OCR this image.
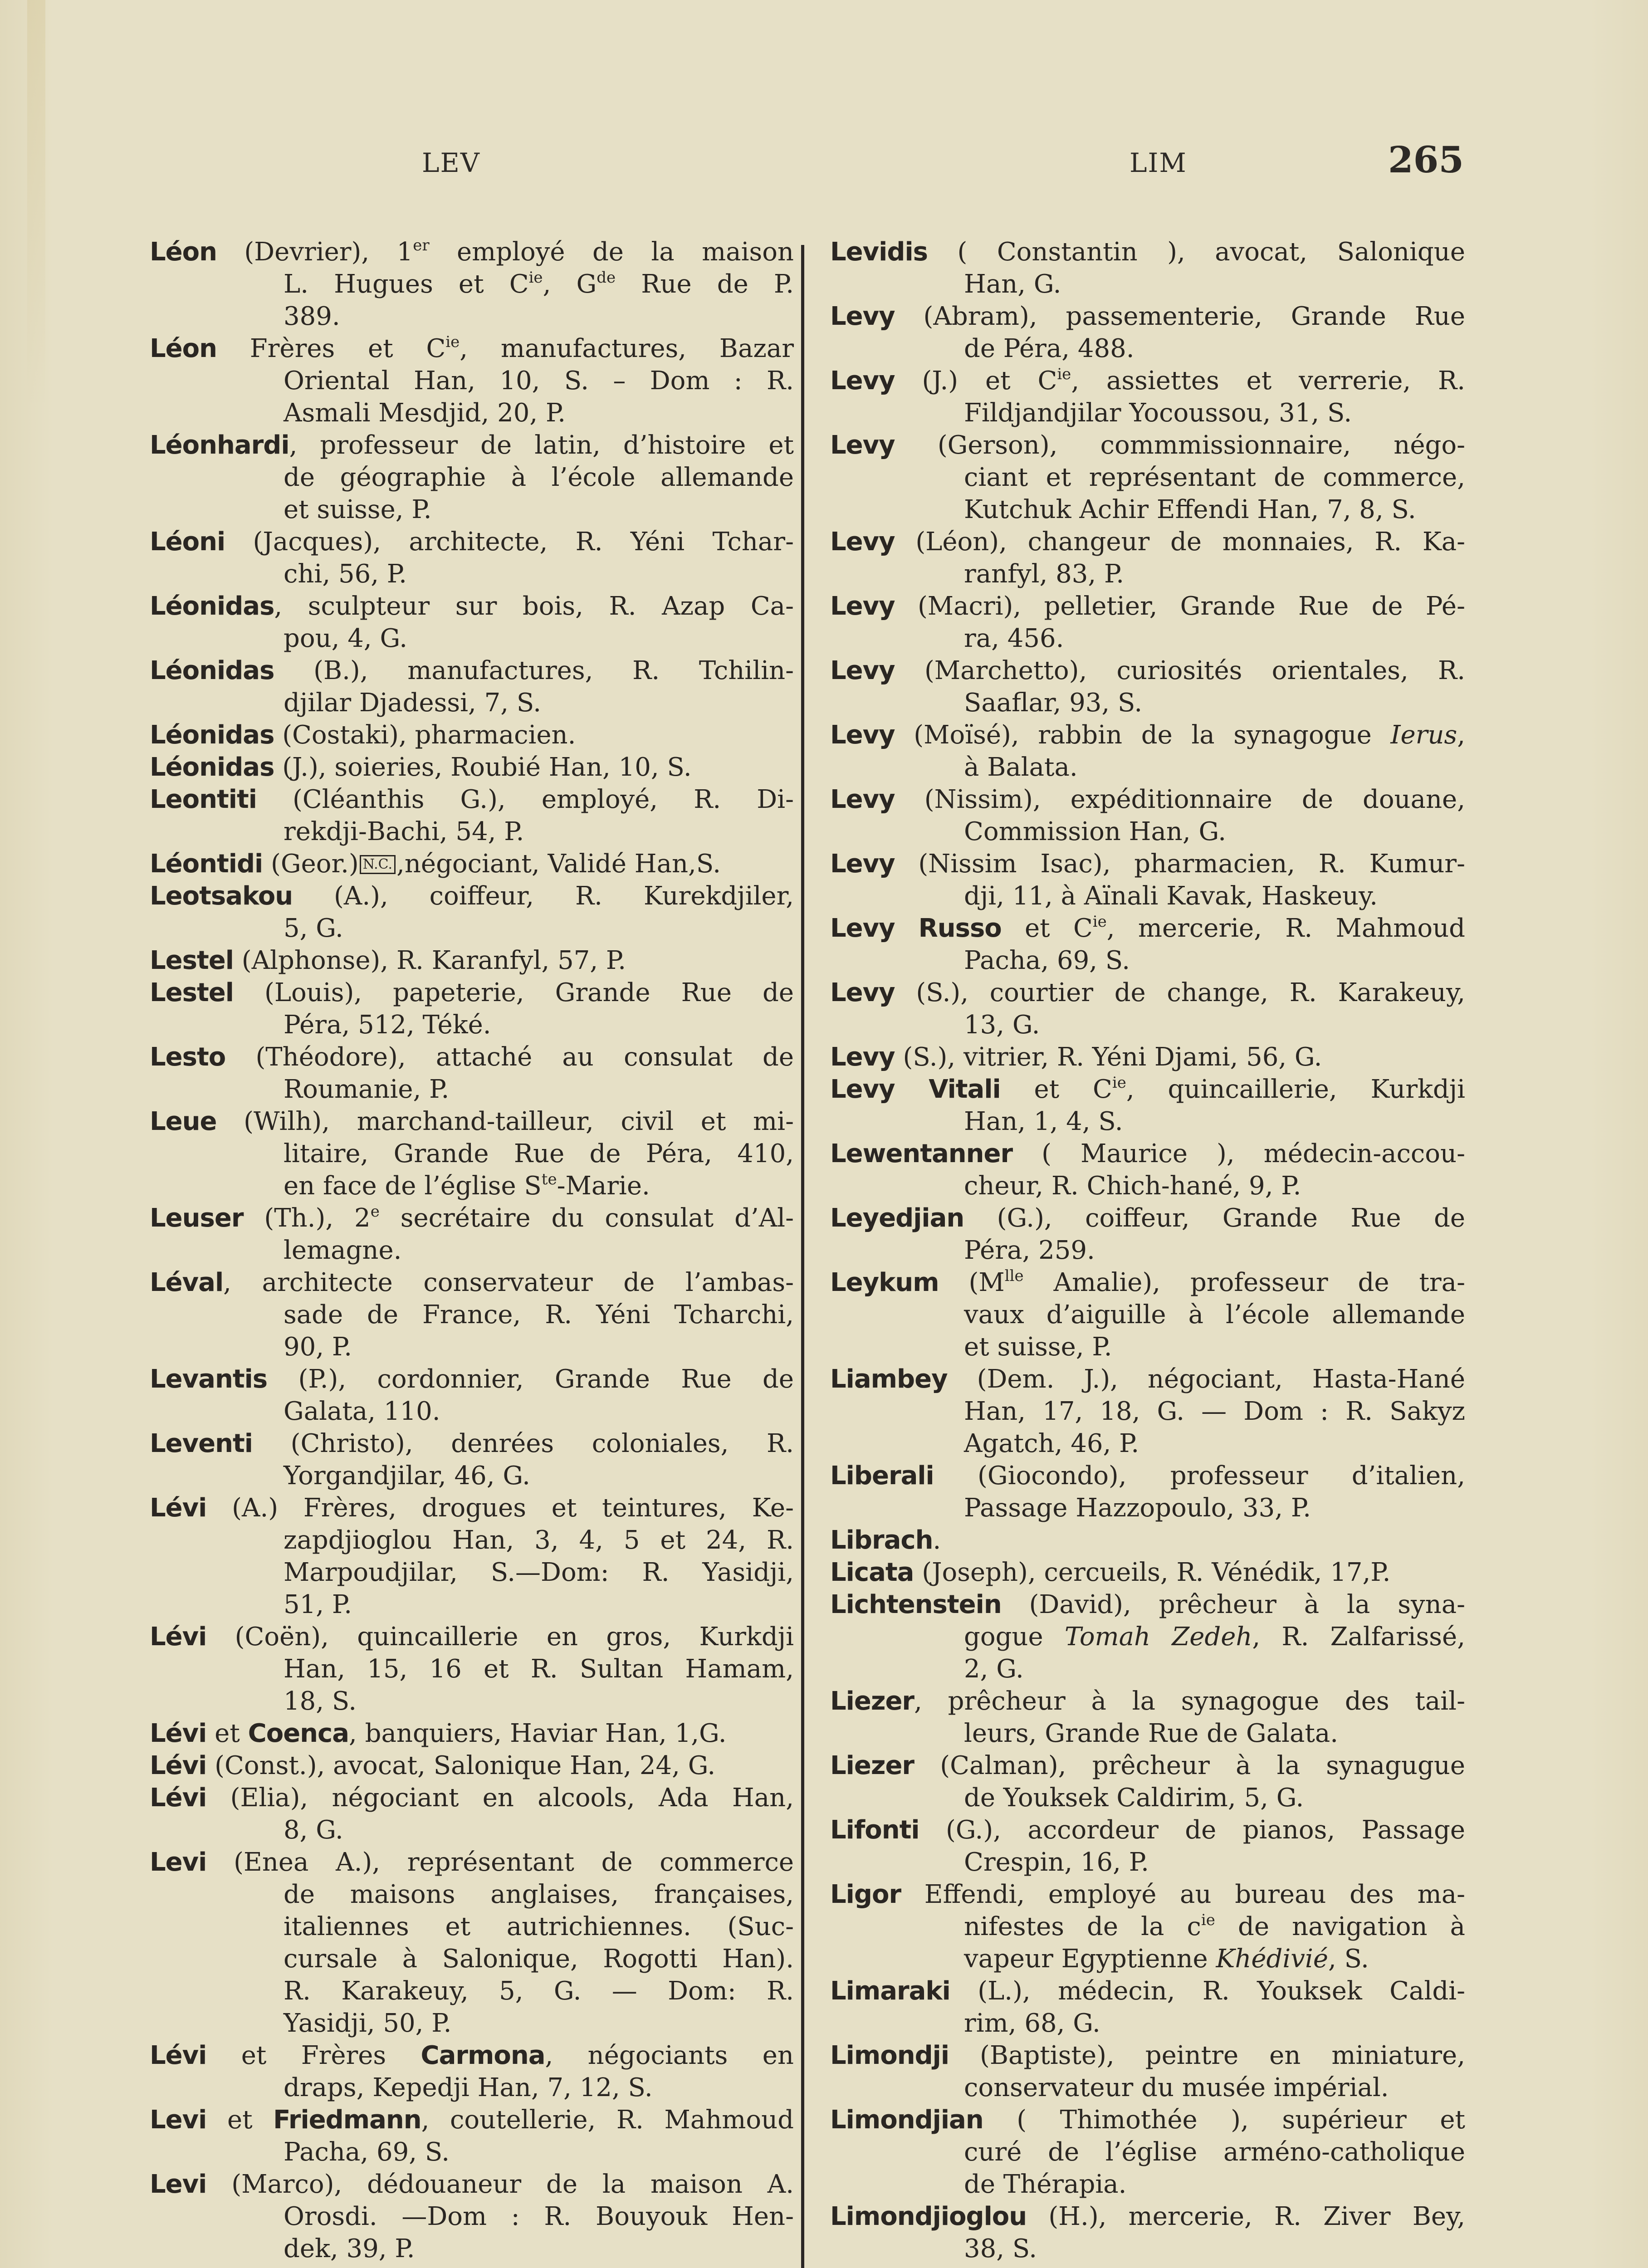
LEV	LIM	265
Léon (Devrier), 1er employé de la maison
L. Hugues et $C^{ie}$, $G^{de}$ Rue de P.
389.
Léon Frères et $C^{ie}$, manufactures, Bazar
Oriental Han, 10, S. – Dom : R.
Asmali Mesdjid, 20, P.
Léonhardi, professeur de latin, d’histoire et
de géographie à l’école allemande
et suisse, P.
Léoni (Jacques), architecte, R. Yéni Tchar-
chi, 56, P.
Léonidas, sculpteur sur bois, R. Azap Ca-
pou, 4, G.
Léonidas (B.), manufactures, R. Tchilin-
djilar Djadessi, 7, S.
Léonidas (Costaki), pharmacien.
Léonidas (J.), soieries, Roubié Han, 10, S.
Leontiti (Cléanthis G.), employé, R. Di-
rekdji-Bachi, 54, P.
Léontidi (Geor.) N.C. ,négociant, Validé Han,S.
Leotsakou (A.), coiffeur, R. Kurekdjiler,
5, G.
Lestel (Alphonse), R. Karanfyl, 57, P.
Lestel (Louis), papeterie, Grande Rue de
Péra, 512, Téké.
Lesto (Théodore), attaché au consulat de
Roumanie, P.
Leue (Wilh), marchand-tailleur, civil et mi-
litaire, Grande Rue de Péra, 410,
en face de l’église $S^{te}$-Marie.
Leuser (Th.), 2e secrétaire du consulat d’Al-
lemagne.
Léval, architecte conservateur de l’ambas-
sade de France, R. Yéni Tcharchi,
90, P.
Levantis (P.), cordonnier, Grande Rue de
Galata, 110.
Leventi (Christo), denrées coloniales, R.
Yorgandjilar, 46, G.
Lévi (A.) Frères, drogues et teintures, Ke-
zapdjioglou Han, 3, 4, 5 et 24, R.
Marpoudjilar, S.—Dom: R. Yasidji,
51, P.
Lévi (Coën), quincaillerie en gros, Kurkdji
Han, 15, 16 et R. Sultan Hamam,
18, S.
Lévi et Coenca, banquiers, Haviar Han, 1,G.
Lévi (Const.), avocat, Salonique Han, 24, G.
Lévi (Elia), négociant en alcools, Ada Han,
8, G.
Levi (Enea A.), représentant de commerce
de maisons anglaises, françaises,
italiennes et autrichiennes. (Suc-
cursale à Salonique, Rogotti Han).
R. Karakeuy, 5, G. — Dom: R.
Yasidji, 50, P.
Lévi et Frères Carmona, négociants en
draps, Kepedji Han, 7, 12, S.
Levi et Friedmann, coutellerie, R. Mahmoud
Pacha, 69, S.
Levi (Marco), dédouaneur de la maison A.
Orosdi. —Dom : R. Bouyouk Hen-
dek, 39, P.
Levidis ( Constantin ), avocat, Salonique
Han, G.
Levy (Abram), passementerie, Grande Rue
de Péra, 488.
Levy (J.) et $C^{ie}$, assiettes et verrerie, R.
Fildjandjilar Yocoussou, 31, S.
Levy (Gerson), commmissionnaire, négo-
ciant et représentant de commerce,
Kutchuk Achir Effendi Han, 7, 8, S.
Levy (Léon), changeur de monnaies, R. Ka-
ranfyl, 83, P.
Levy (Macri), pelletier, Grande Rue de Pé-
ra, 456.
Levy (Marchetto), curiosités orientales, R.
Saaflar, 93, S.
Levy (Moïsé), rabbin de la synagogue Ierus,
à Balata.
Levy (Nissim), expéditionnaire de douane,
Commission Han, G.
Levy (Nissim Isac), pharmacien, R. Kumur-
dji, 11, à Aïnali Kavak, Haskeuy.
Levy Russo et $C^{ie}$, mercerie, R. Mahmoud
Pacha, 69, S.
Levy (S.), courtier de change, R. Karakeuy,
13, G.
Levy (S.), vitrier, R. Yéni Djami, 56, G.
Levy Vitali et $C^{ie}$, quincaillerie, Kurkdji
Han, 1, 4, S.
Lewentanner ( Maurice ), médecin-accou-
cheur, R. Chich-hané, 9, P.
Leyedjian (G.), coiffeur, Grande Rue de
Péra, 259.
Leykum ($M^{lle}$ Amalie), professeur de tra-
vaux d’aiguille à l’école allemande
et suisse, P.
Liambey (Dem. J.), négociant, Hasta-Hané
Han, 17, 18, G. — Dom : R. Sakyz
Agatch, 46, P.
Liberali (Giocondo), professeur d’italien,
Passage Hazzopoulo, 33, P.
Librach.
Licata (Joseph), cercueils, R. Vénédik, 17,P.
Lichtenstein (David), prêcheur à la syna-
gogue Tomah Zedeh, R. Zalfarissé,
2, G.
Liezer, prêcheur à la synagogue des tail-
leurs, Grande Rue de Galata.
Liezer (Calman), prêcheur à la synagugue
de Youksek Caldirim, 5, G.
Lifonti (G.), accordeur de pianos, Passage
Crespin, 16, P.
Ligor Effendi, employé au bureau des ma-
nifestes de la $c^{ie}$ de navigation à
vapeur Egyptienne Khédivié, S.
Limaraki (L.), médecin, R. Youksek Caldi-
rim, 68, G.
Limondji (Baptiste), peintre en miniature,
conservateur du musée impérial.
Limondjian ( Thimothée ), supérieur et
curé de l’église arméno-catholique
de Thérapia.
Limondjioglou (H.), mercerie, R. Ziver Bey,
38, S.
